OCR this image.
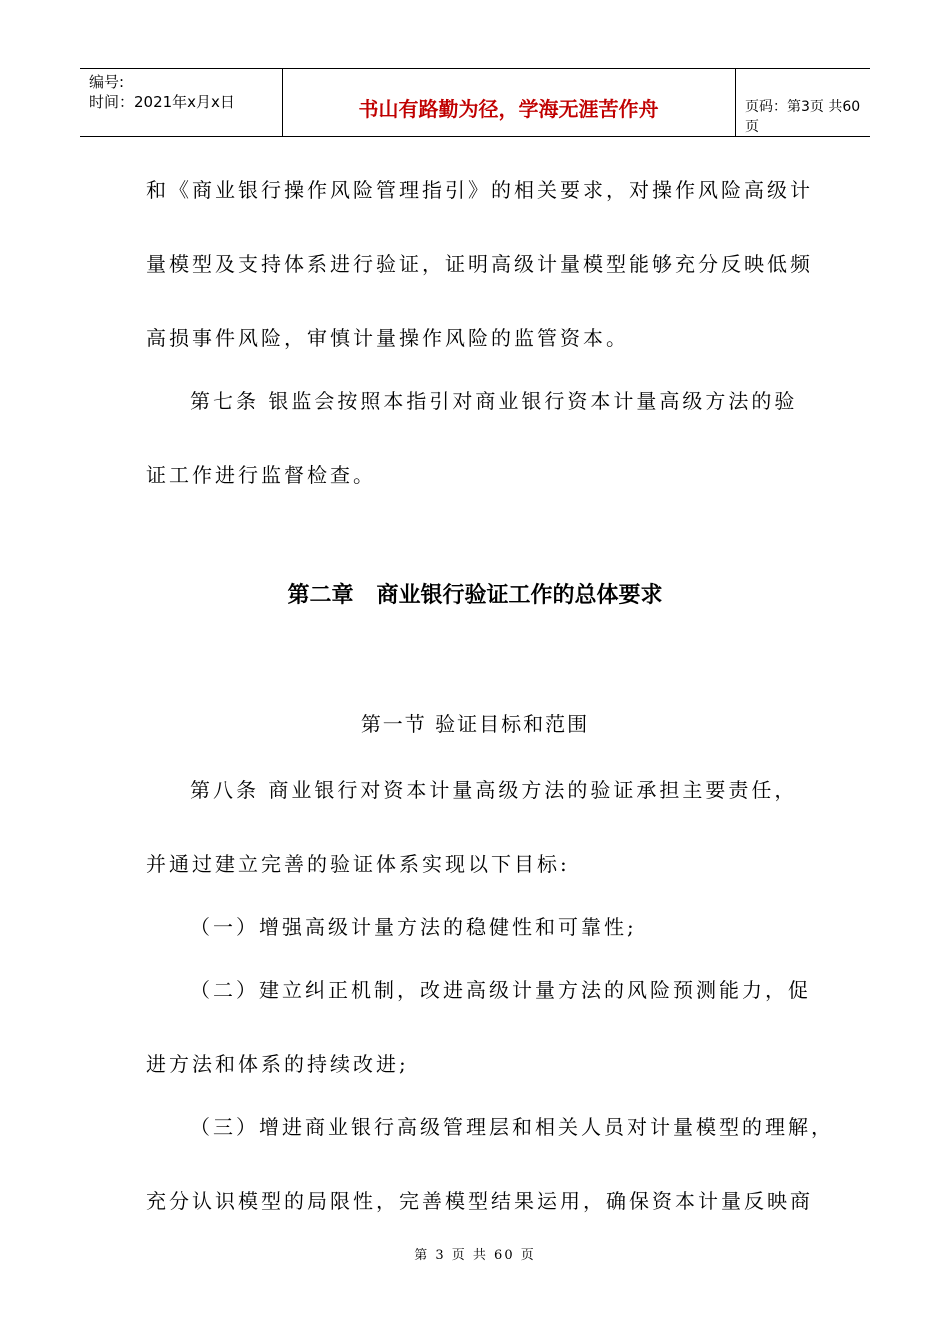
编号:
时间：2021年x月x日	书山有路勤为径，学海无涯苦作舟	页码：第3页 共60页
和《商业银行操作风险管理指引》的相关要求，对操作风险高级计
量模型及支持体系进行验证，证明高级计量模型能够充分反映低频
高损事件风险，审慎计量操作风险的监管资本。
第七条 银监会按照本指引对商业银行资本计量高级方法的验
证工作进行监督检查。
第二章   商业银行验证工作的总体要求
第一节 验证目标和范围
第八条 商业银行对资本计量高级方法的验证承担主要责任，
并通过建立完善的验证体系实现以下目标:
（一）增强高级计量方法的稳健性和可靠性;
（二）建立纠正机制，改进高级计量方法的风险预测能力，促
进方法和体系的持续改进;
（三）增进商业银行高级管理层和相关人员对计量模型的理解，
充分认识模型的局限性，完善模型结果运用，确保资本计量反映商
第 3 页 共 60 页
